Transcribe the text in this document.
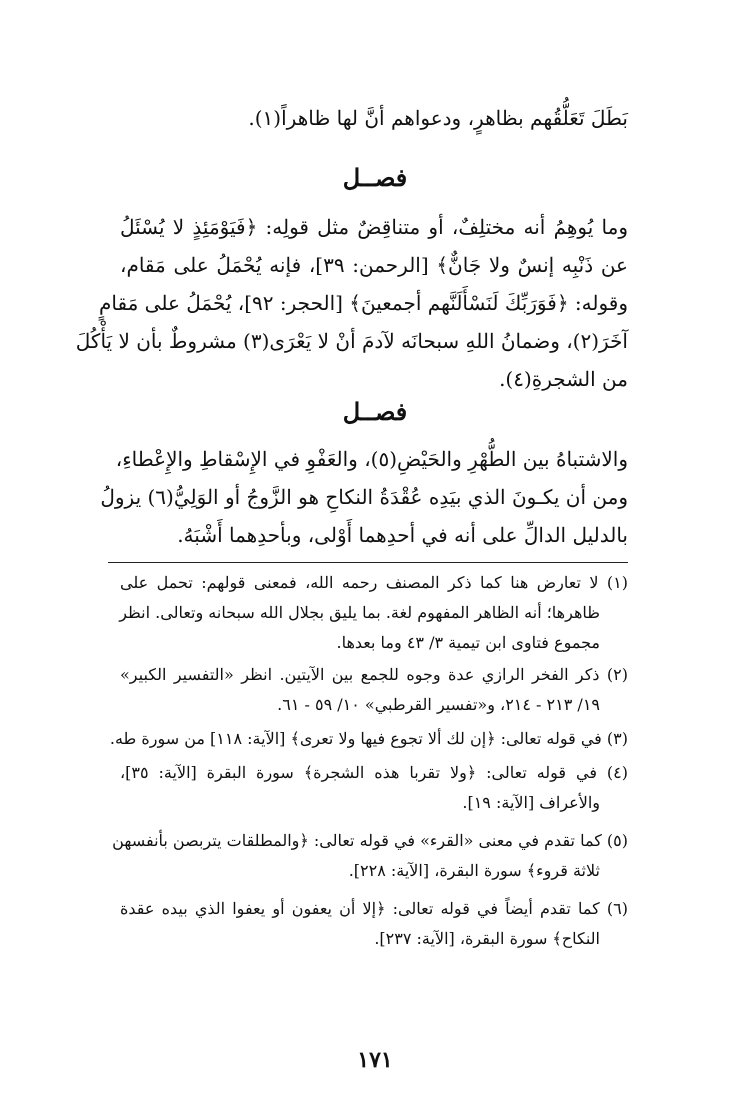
بَطَلَ تَعَلُّقُهم بظاهرٍ، ودعواهم أنَّ لها ظاهراً(١).
فصــل
وما يُوهِمُ أنه مختلِفٌ، أو متناقِضٌ مثل قولِه: ﴿فَيَوْمَئِذٍ لا يُسْئَلُ
عن ذَنْبِه إنسٌ ولا جَانٌّ﴾ [الرحمن: ٣٩]، فإنه يُحْمَلُ على مَقام،
وقوله: ﴿فَوَرَبِّكَ لَنَسْأَلَنَّهم أجمعينَ﴾ [الحجر: ٩٢]، يُحْمَلُ على مَقامٍ
آخَرَ(٢)، وضمانُ اللهِ سبحانَه لآدمَ أنْ لا يَعْرَى(٣) مشروطٌ بأن لا يَأْكُلَ
من الشجرةِ(٤).
فصــل
والاشتباهُ بين الطُّهْرِ والحَيْضِ(٥)، والعَفْوِ في الإِسْقاطِ والإِعْطاءِ،
ومن أن يكـونَ الذي بيَدِه عُقْدَةُ النكاحِ هو الزَّوجُ أو الوَلِيُّ(٦) يزولُ
بالدليل الدالِّ على أنه في أحدِهما أَوْلى، وبأحدِهما أَشْبَهُ.
(١) لا تعارض هنا كما ذكر المصنف رحمه الله، فمعنى قولهم: تحمل على
ظاهرها؛ أنه الظاهر المفهوم لغة. بما يليق بجلال الله سبحانه وتعالى. انظر
مجموع فتاوى ابن تيمية ٣/ ٤٣ وما بعدها.
(٢) ذكر الفخر الرازي عدة وجوه للجمع بين الآيتين. انظر «التفسير الكبير»
١٩/ ٢١٣ - ٢١٤، و«تفسير القرطبي» ١٠/ ٥٩ - ٦١.
(٣) في قوله تعالى: ﴿إن لك ألا تجوع فيها ولا تعرى﴾ [الآية: ١١٨] من سورة طه.
(٤) في قوله تعالى: ﴿ولا تقربا هذه الشجرة﴾ سورة البقرة [الآية: ٣٥]،
والأعراف [الآية: ١٩].
(٥) كما تقدم في معنى «القرء» في قوله تعالى: ﴿والمطلقات يتربصن بأنفسهن
ثلاثة قروء﴾ سورة البقرة، [الآية: ٢٢٨].
(٦) كما تقدم أيضاً في قوله تعالى: ﴿إلا أن يعفون أو يعفوا الذي بيده عقدة
النكاح﴾ سورة البقرة، [الآية: ٢٣٧].
١٧١
